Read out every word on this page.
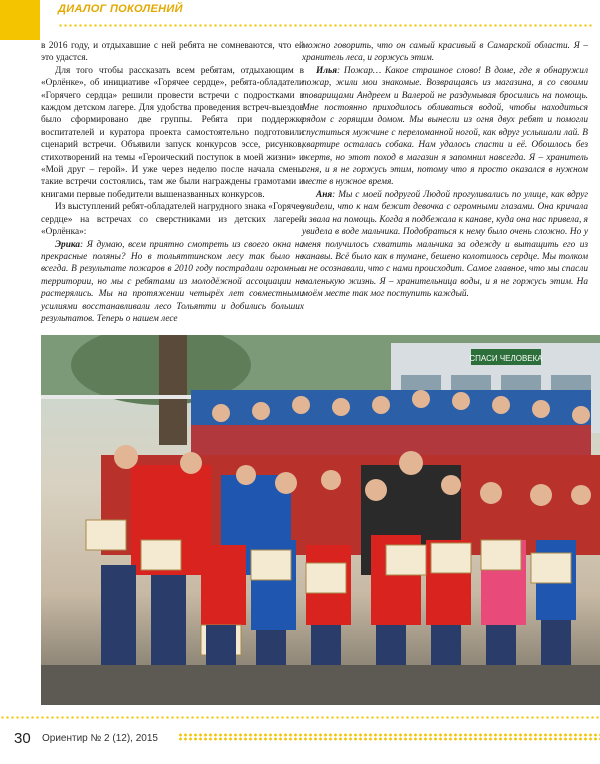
ДИАЛОГ ПОКОЛЕНИЙ

в 2016 году, и отдыхавшие с ней ребята не сомневаются, что ей это удастся.

Для того чтобы рассказать всем ребятам, отдыхающим в «Орлёнке», об инициативе «Горячее сердце», ребята-обладатели «Горячего сердца» решили провести встречи с подростками в каждом детском лагере. Для удобства проведения встреч-выездов было сформировано две группы. Ребята при поддержке воспитателей и куратора проекта самостоятельно подготовили сценарий встречи. Объявили запуск конкурсов эссе, рисунков, стихотворений на темы «Героический поступок в моей жизни» и «Мой друг – герой». И уже через неделю после начала смены такие встречи состоялись, там же были награждены грамотами и книгами первые победители вышеназванных конкурсов.

Из выступлений ребят-обладателей нагрудного знака «Горячее сердце» на встречах со сверстниками из детских лагерей «Орлёнка»:

Эрика: Я думаю, всем приятно смотреть из своего окна на прекрасные поляны? Но в тольяттинском лесу так было не всегда. В результате пожаров в 2010 году пострадали огромные территории, но мы с ребятами из молодёжной ассоциации не растерялись. Мы на протяжении четырёх лет совместными усилиями восстанавливали лесо Тольятти и добились больших результатов. Теперь о нашем лесе

можно говорить, что он самый красивый в Самарской области. Я – хранитель леса, и горжусь этим.

Илья: Пожар… Какое страшное слово! В доме, где я обнаружил пожар, жили мои знакомые. Возвращаясь из магазина, я со своими товарищами Андреем и Валерой не раздумывая бросились на помощь. Мне постоянно приходилось обливаться водой, чтобы находиться рядом с горящим домом. Мы вынесли из огня двух ребят и помогли спуститься мужчине с переломанной ногой, как вдруг услышали лай. В квартире осталась собака. Нам удалось спасти и её. Обошлось без жертв, но этот поход в магазин я запомнил навсегда. Я – хранитель огня, и я не горжусь этим, потому что я просто оказался в нужном месте в нужное время.

Аня: Мы с моей подругой Людой прогуливались по улице, как вдруг увидели, что к нам бежит девочка с огромными глазами. Она кричала и звала на помощь. Когда я подбежала к канаве, куда она нас привела, я увидела в воде мальчика. Подобраться к нему было очень сложно. Но у меня получилось схватить мальчика за одежду и вытащить его из канавы. Всё было как в тумане, бешено колотилось сердце. Мы толком и не осознавали, что с нами происходит. Самое главное, что мы спасли маленькую жизнь. Я – хранительница воды, и я не горжусь этим. На моём месте так мог поступить каждый.

СПАСИ ЧЕЛОВЕКА
30 Ориентир № 2 (12), 2015
